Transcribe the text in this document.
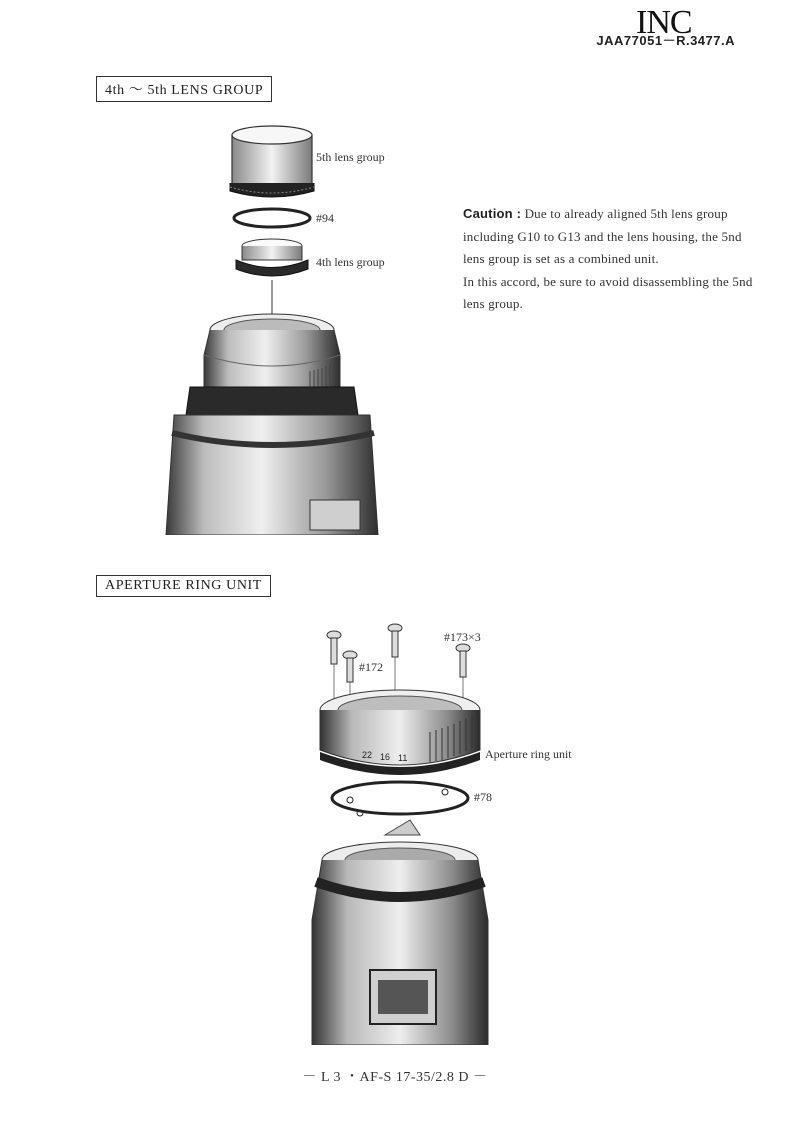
INC
JAA77051－R.3477.A
4th ～ 5th LENS GROUP
5th lens group
#94
4th lens group

Caution : Due to already aligned 5th lens group including G10 to G13 and the lens housing, the 5nd lens group is set as a combined unit.

In this accord, be sure to avoid disassembling the 5nd lens group.

APERTURE RING UNIT
22 16 11
#173×3
#172
Aperture ring unit
#78
－ L 3 ・AF-S 17-35/2.8 D －
